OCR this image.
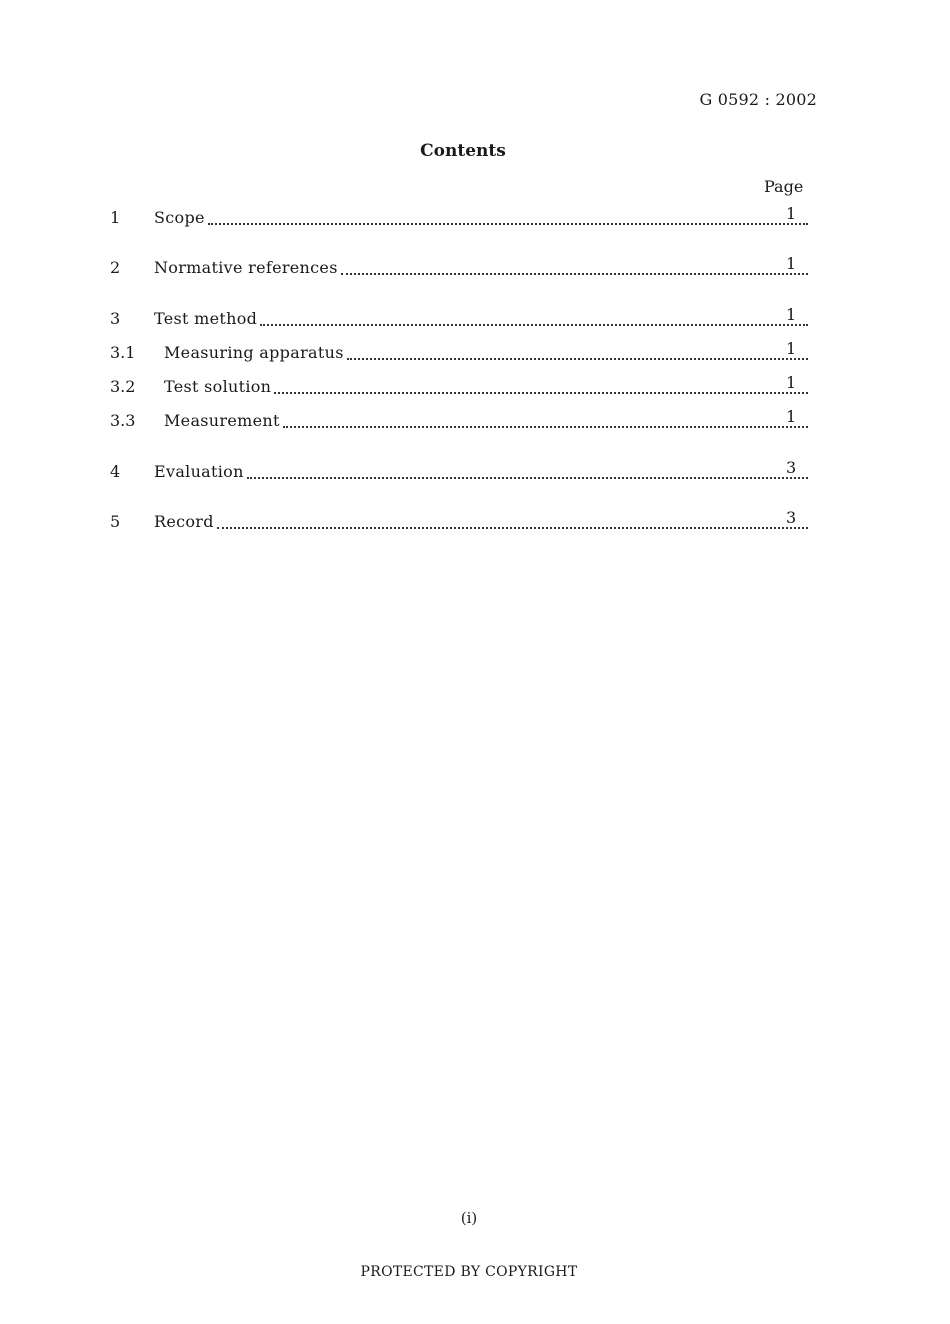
G 0592 : 2002
Contents
Page
1	Scope	1
2	Normative references	1
3	Test method	1
3.1	Measuring apparatus	1
3.2	Test solution	1
3.3	Measurement	1
4	Evaluation	3
5	Record	3
(i)
PROTECTED BY COPYRIGHT
